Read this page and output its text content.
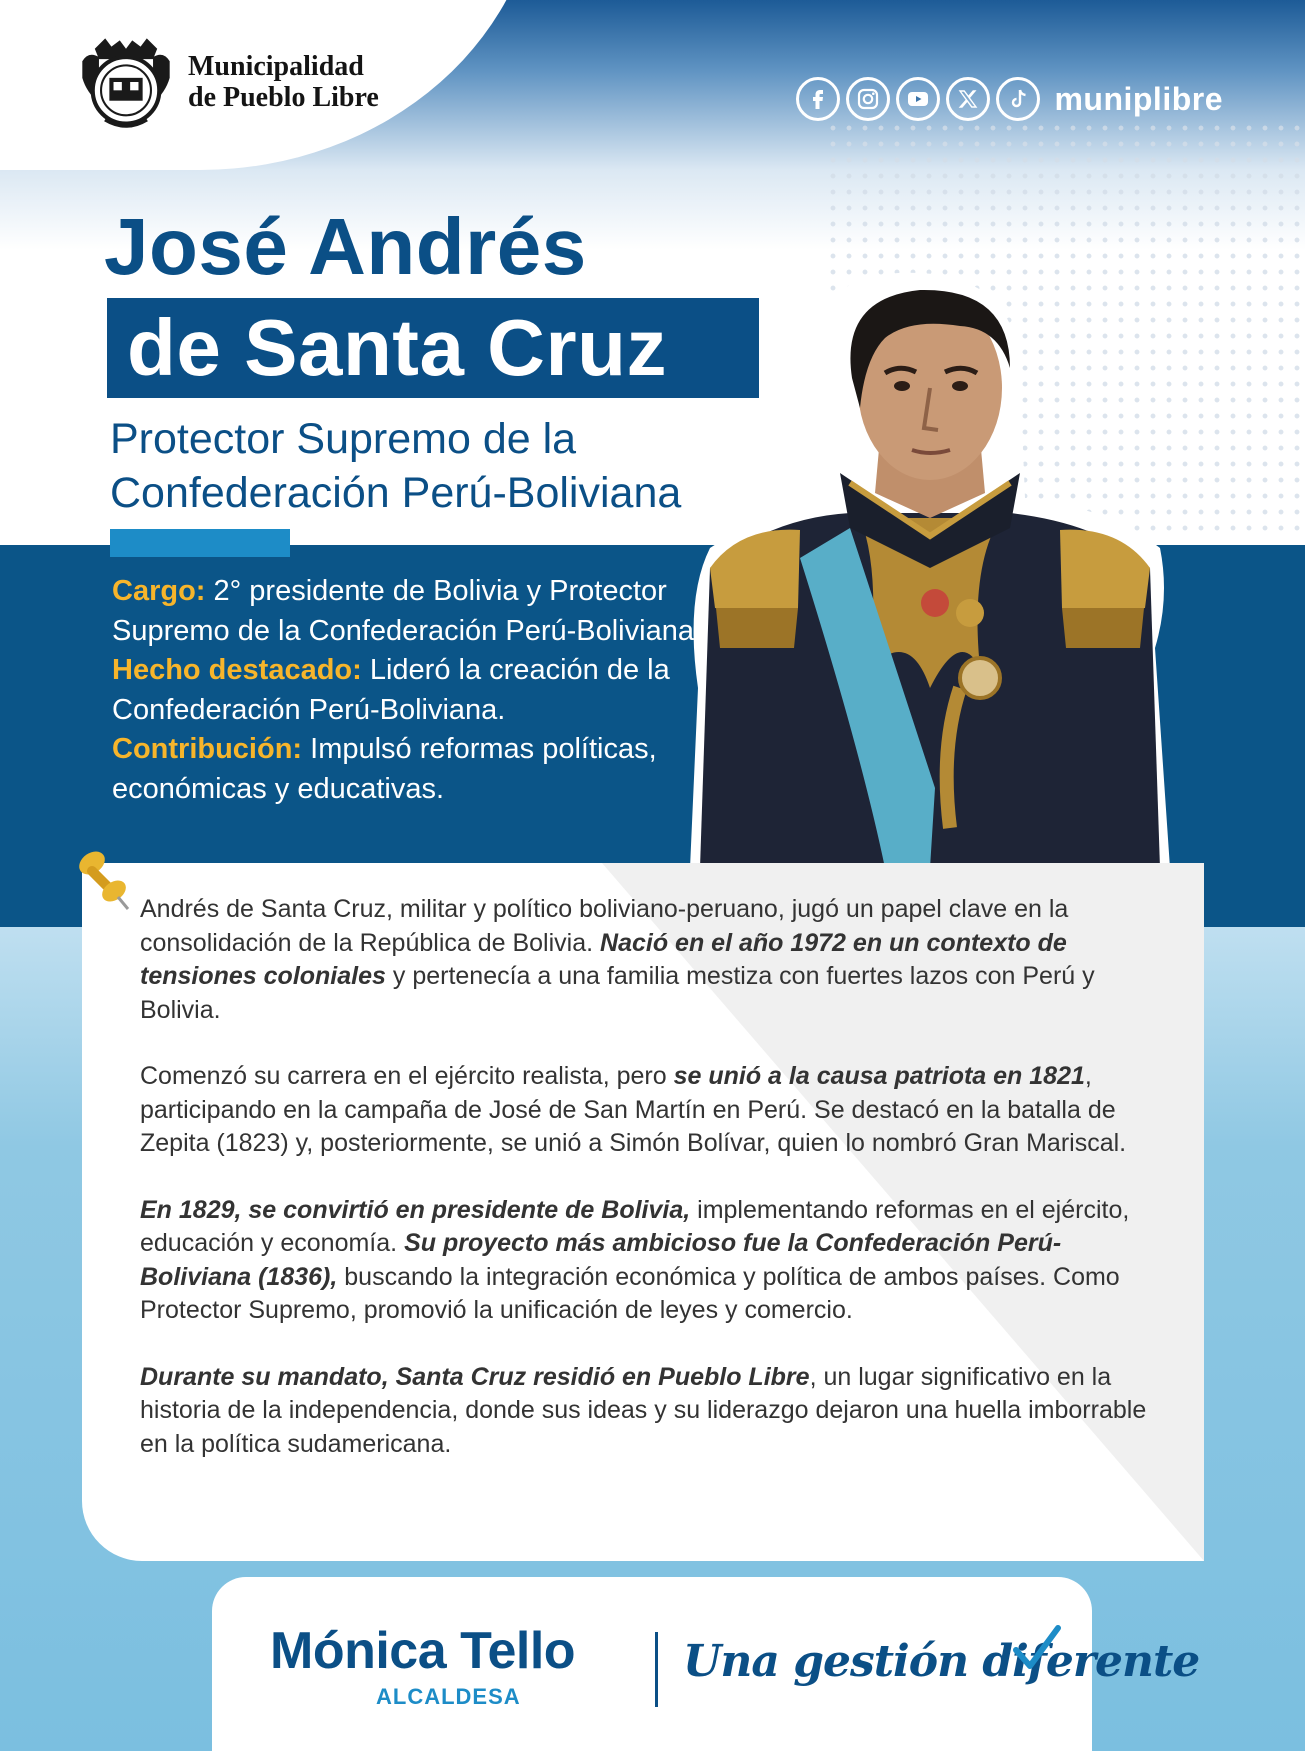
Municipalidad
de Pueblo Libre	muniplibre
José Andrés
de Santa Cruz
Protector Supremo de la
Confederación Perú-Boliviana

Cargo: 2° presidente de Bolivia y Protector Supremo de la Confederación Perú-Boliviana

Hecho destacado: Lideró la creación de la Confederación Perú-Boliviana.

Contribución: Impulsó reformas políticas, económicas y educativas.

Andrés de Santa Cruz, militar y político boliviano-peruano, jugó un papel clave en la consolidación de la República de Bolivia. Nació en el año 1972 en un contexto de tensiones coloniales y pertenecía a una familia mestiza con fuertes lazos con Perú y Bolivia.

Comenzó su carrera en el ejército realista, pero se unió a la causa patriota en 1821, participando en la campaña de José de San Martín en Perú. Se destacó en la batalla de Zepita (1823) y, posteriormente, se unió a Simón Bolívar, quien lo nombró Gran Mariscal.

En 1829, se convirtió en presidente de Bolivia, implementando reformas en el ejército, educación y economía. Su proyecto más ambicioso fue la Confederación Perú-Boliviana (1836), buscando la integración económica y política de ambos países. Como Protector Supremo, promovió la unificación de leyes y comercio.

Durante su mandato, Santa Cruz residió en Pueblo Libre, un lugar significativo en la historia de la independencia, donde sus ideas y su liderazgo dejaron una huella imborrable en la política sudamericana.

Mónica Tello
ALCALDESA
Una gestión diferente
